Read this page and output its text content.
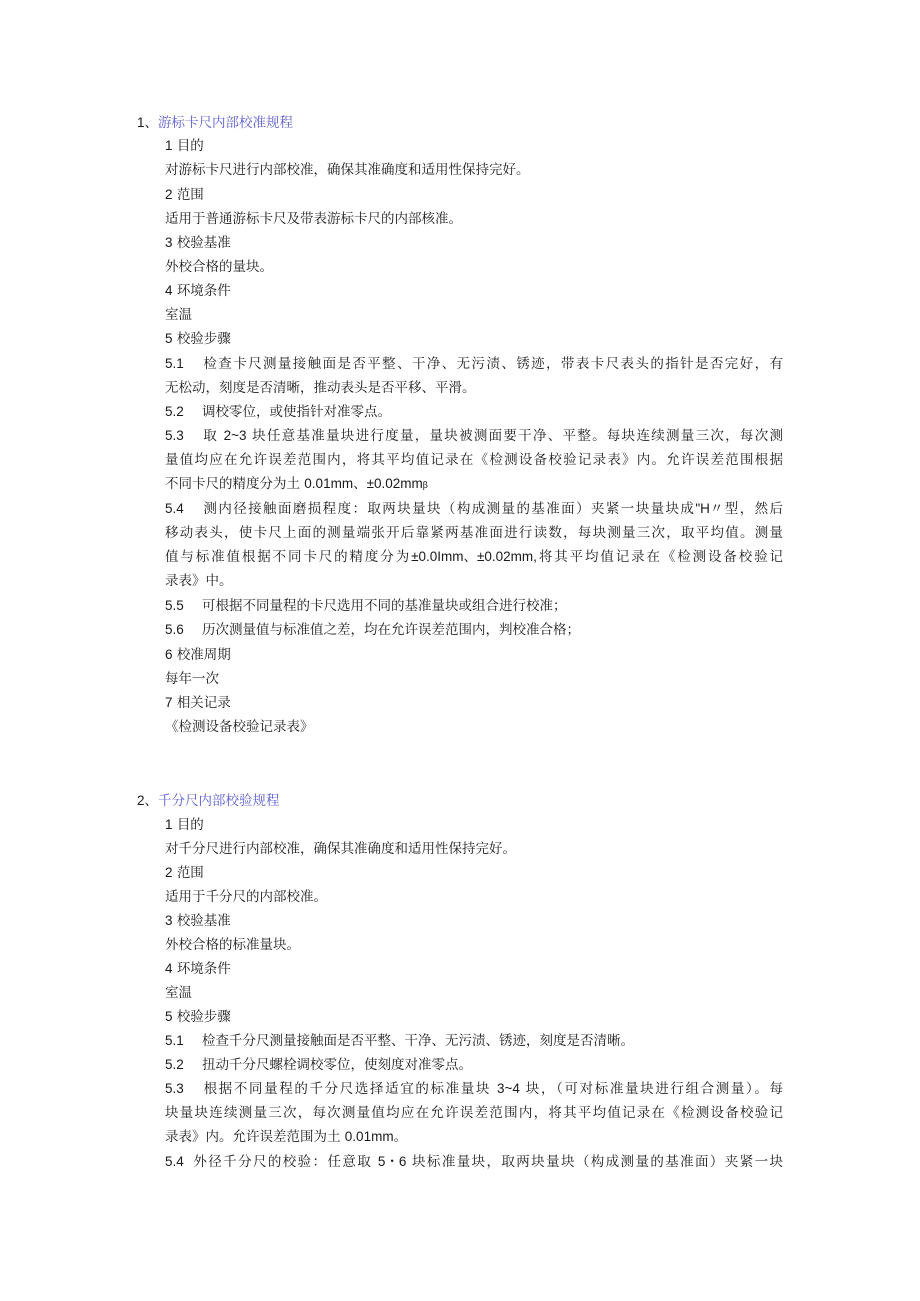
1、游标卡尺内部校准规程
1 目的
对游标卡尺进行内部校准，确保其准确度和适用性保持完好。
2 范围
适用于普通游标卡尺及带表游标卡尺的内部核准。
3 校验基准
外校合格的量块。
4 环境条件
室温
5 校验步骤
5.1 检查卡尺测量接触面是否平整、干净、无污渍、锈迹，带表卡尺表头的指针是否完好，有
无松动，刻度是否清晰，推动表头是否平移、平滑。
5.2 调校零位，或使指针对准零点。
5.3 取 2~3 块任意基准量块进行度量，量块被测面要干净、平整。每块连续测量三次，每次测
量值均应在允许误差范围内，将其平均值记录在《检测设备校验记录表》内。允许误差范围根据
不同卡尺的精度分为土 0.01mm、±0.02mmβ
5.4 测内径接触面磨损程度：取两块量块（构成测量的基准面）夹紧一块量块成"H〃型，然后
移动表头，使卡尺上面的测量端张开后靠紧两基准面进行读数，每块测量三次，取平均值。测量
值与标准值根据不同卡尺的精度分为±0.0Imm、±0.02mm,将其平均值记录在《检测设备校验记
录表》中。
5.5 可根据不同量程的卡尺选用不同的基准量块或组合进行校准；
5.6 历次测量值与标准值之差，均在允许误差范围内，判校准合格；
6 校准周期
每年一次
7 相关记录
《检测设备校验记录表》
2、千分尺内部校验规程
1 目的
对千分尺进行内部校准，确保其准确度和适用性保持完好。
2 范围
适用于千分尺的内部校准。
3 校验基准
外校合格的标准量块。
4 环境条件
室温
5 校验步骤
5.1 检查千分尺测量接触面是否平整、干净、无污渍、锈迹，刻度是否清晰。
5.2 扭动千分尺螺栓调校零位，使刻度对准零点。
5.3 根据不同量程的千分尺选择适宜的标准量块 3~4 块，（可对标准量块进行组合测量）。每
块量块连续测量三次，每次测量值均应在允许误差范围内，将其平均值记录在《检测设备校验记
录表》内。允许误差范围为土 0.01mm。
5.4 外径千分尺的校验：任意取 5・6 块标准量块，取两块量块（构成测量的基准面）夹紧一块
